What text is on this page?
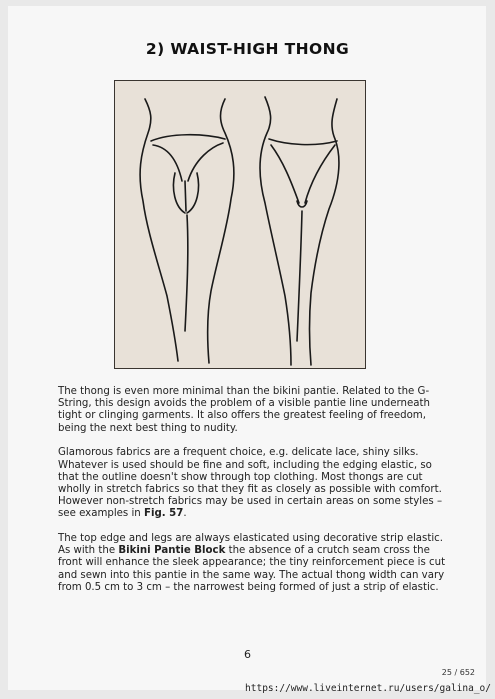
2) WAIST-HIGH THONG

The thong is even more minimal than the bikini pantie. Related to the G-String, this design avoids the problem of a visible pantie line underneath tight or clinging garments. It also offers the greatest feeling of freedom, being the next best thing to nudity.

Glamorous fabrics are a frequent choice, e.g. delicate lace, shiny silks. Whatever is used should be fine and soft, including the edging elastic, so that the outline doesn't show through top clothing. Most thongs are cut wholly in stretch fabrics so that they fit as closely as possible with comfort. However non-stretch fabrics may be used in certain areas on some styles – see examples in Fig. 57.

The top edge and legs are always elasticated using decorative strip elastic. As with the Bikini Pantie Block the absence of a crutch seam cross the front will enhance the sleek appearance; the tiny reinforcement piece is cut and sewn into this pantie in the same way. The actual thong width can vary from 0.5 cm to 3 cm – the narrowest being formed of just a strip of elastic.

6
25 / 652
https://www.liveinternet.ru/users/galina_o/
